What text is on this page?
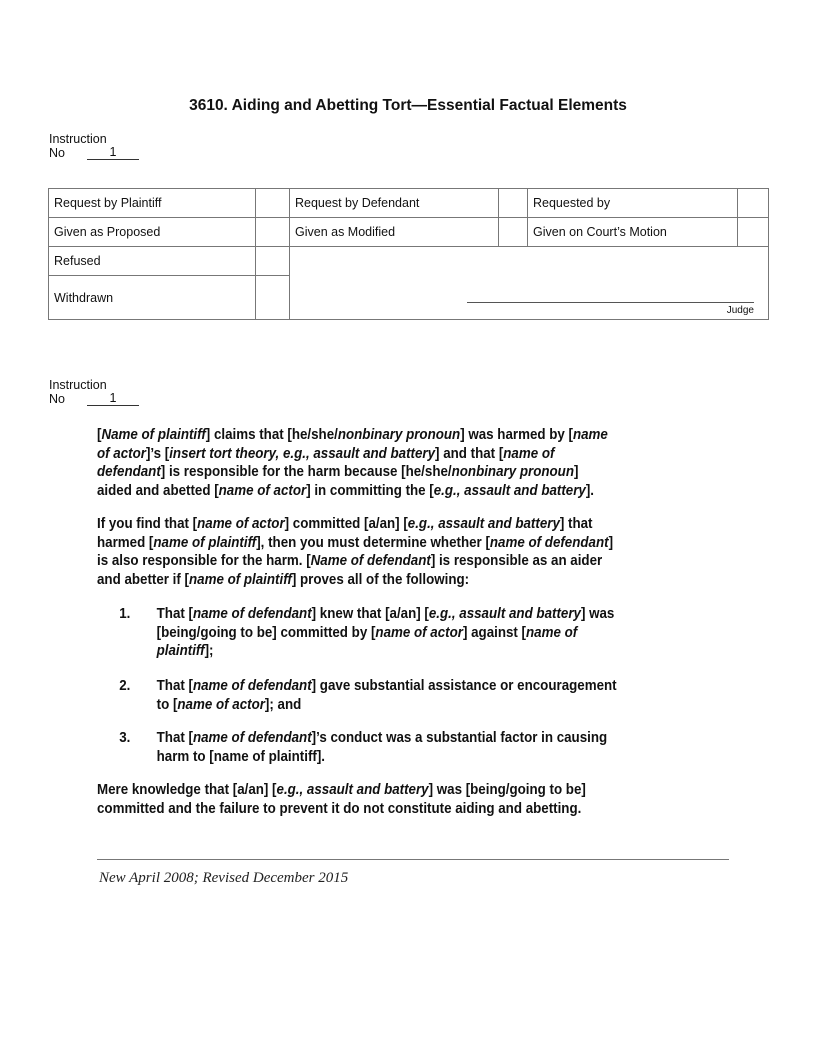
3610. Aiding and Abetting Tort—Essential Factual Elements
Instruction
No	1
Request by Plaintiff		Request by Defendant		Requested by	
Given as Proposed		Given as Modified		Given on Court’s Motion	
Refused		Judge			

Withdrawn					
Instruction
No	1
[Name of plaintiff] claims that [he/she/nonbinary pronoun] was harmed by [name
of actor]’s [insert tort theory, e.g., assault and battery] and that [name of
defendant] is responsible for the harm because [he/she/nonbinary pronoun]
aided and abetted [name of actor] in committing the [e.g., assault and battery].
If you find that [name of actor] committed [a/an] [e.g., assault and battery] that
harmed [name of plaintiff], then you must determine whether [name of defendant]
is also responsible for the harm. [Name of defendant] is responsible as an aider
and abetter if [name of plaintiff] proves all of the following:
1.	That [name of defendant] knew that [a/an] [e.g., assault and battery] was
[being/going to be] committed by [name of actor] against [name of
plaintiff];
2.	That [name of defendant] gave substantial assistance or encouragement
to [name of actor]; and
3.	That [name of defendant]’s conduct was a substantial factor in causing
harm to [name of plaintiff].
Mere knowledge that [a/an] [e.g., assault and battery] was [being/going to be]
committed and the failure to prevent it do not constitute aiding and abetting.
New April 2008; Revised December 2015
